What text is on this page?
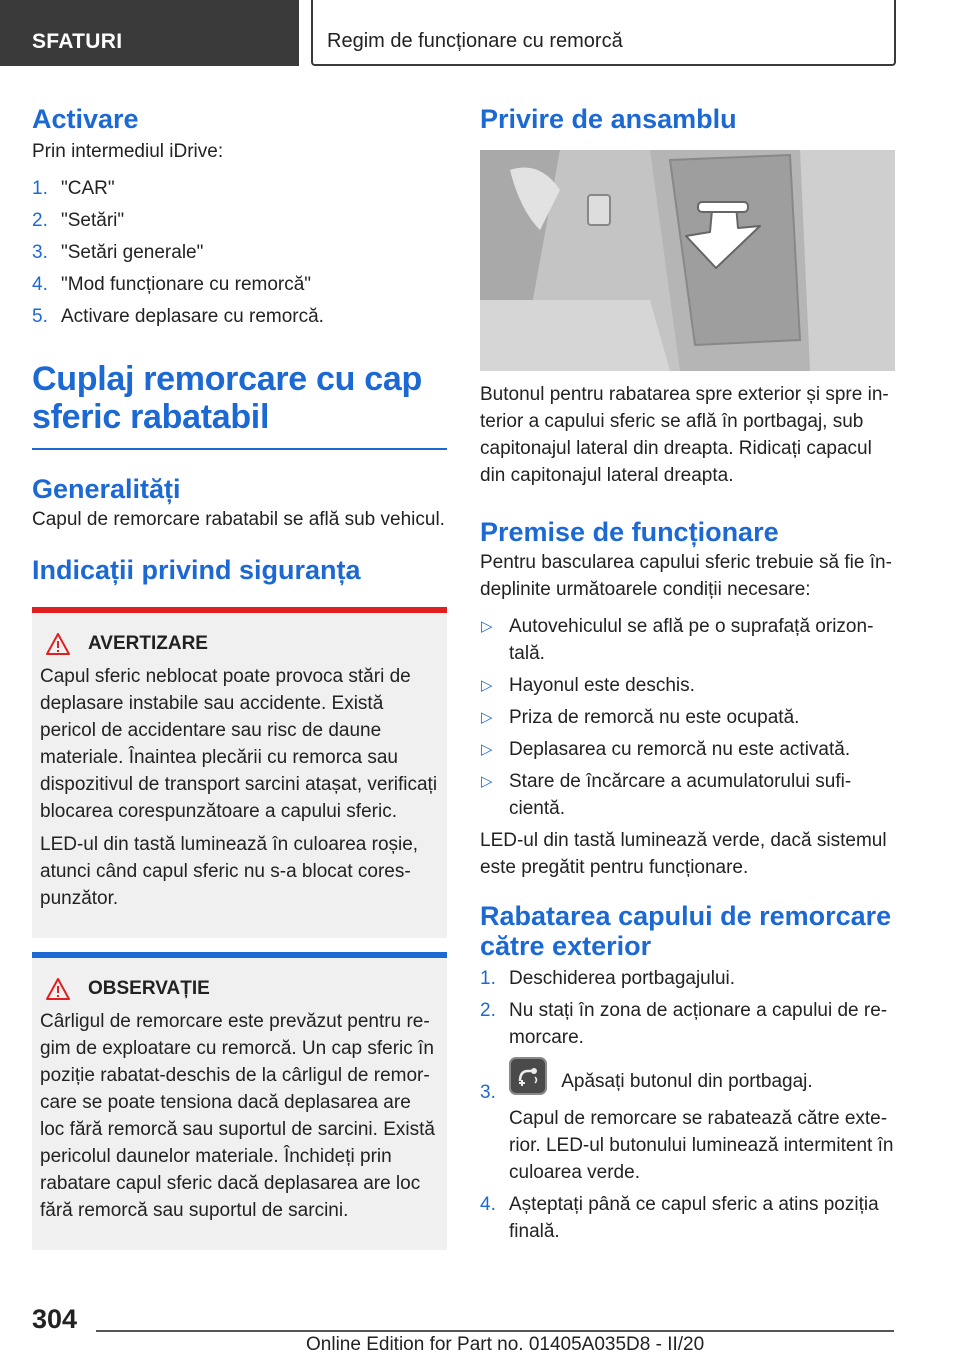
SFATURI	Regim de funcționare cu remorcă
Activare

Prin intermediul iDrive:

1. "CAR"
2. "Setări"
3. "Setări generale"
4. "Mod funcționare cu remorcă"
5. Activare deplasare cu remorcă.
Cuplaj remorcare cu cap
sferic rabatabil
Generalități

Capul de remorcare rabatabil se află sub vehicul.

Indicații privind siguranța
AVERTIZARE

Capul sferic neblocat poate provoca stări de deplasare instabile sau accidente. Există pericol de accidentare sau risc de daune materiale. Înaintea plecării cu remorca sau dispozitivul de transport sarcini atașat, verificați blocarea corespunzătoare a capului sferic.

LED-ul din tastă luminează în culoarea roșie, atunci când capul sferic nu s-a blocat corespunzător.

OBSERVAȚIE

Cârligul de remorcare este prevăzut pentru regim de exploatare cu remorcă. Un cap sferic în poziție rabatat-deschis de la cârligul de remorcare se poate tensiona dacă deplasarea are loc fără remorcă sau suportul de sarcini. Există pericolul daunelor materiale. Închideți prin rabatare capul sferic dacă deplasarea are loc fără remorcă sau suportul de sarcini.

Privire de ansamblu

Butonul pentru rabatarea spre exterior și spre interior a capului sferic se află în portbagaj, sub capitonajul lateral din dreapta. Ridicați capacul din capitonajul lateral dreapta.

Premise de funcționare

Pentru bascularea capului sferic trebuie să fie îndeplinite următoarele condiții necesare:

▷ Autovehiculul se află pe o suprafață orizontală.
▷ Hayonul este deschis.
▷ Priza de remorcă nu este ocupată.
▷ Deplasarea cu remorcă nu este activată.
▷ Stare de încărcare a acumulatorului suficientă.

LED-ul din tastă luminează verde, dacă sistemul este pregătit pentru funcționare.

Rabatarea capului de remorcare
către exterior
1. Deschiderea portbagajului.
2. Nu stați în zona de acționare a capului de remorcare.
3.
Apăsați butonul din portbagaj.
Capul de remorcare se rabatează către exterior. LED-ul butonului luminează intermitent în culoarea verde.
4. Așteptați până ce capul sferic a atins poziția finală.
304
Online Edition for Part no. 01405A035D8 - II/20
